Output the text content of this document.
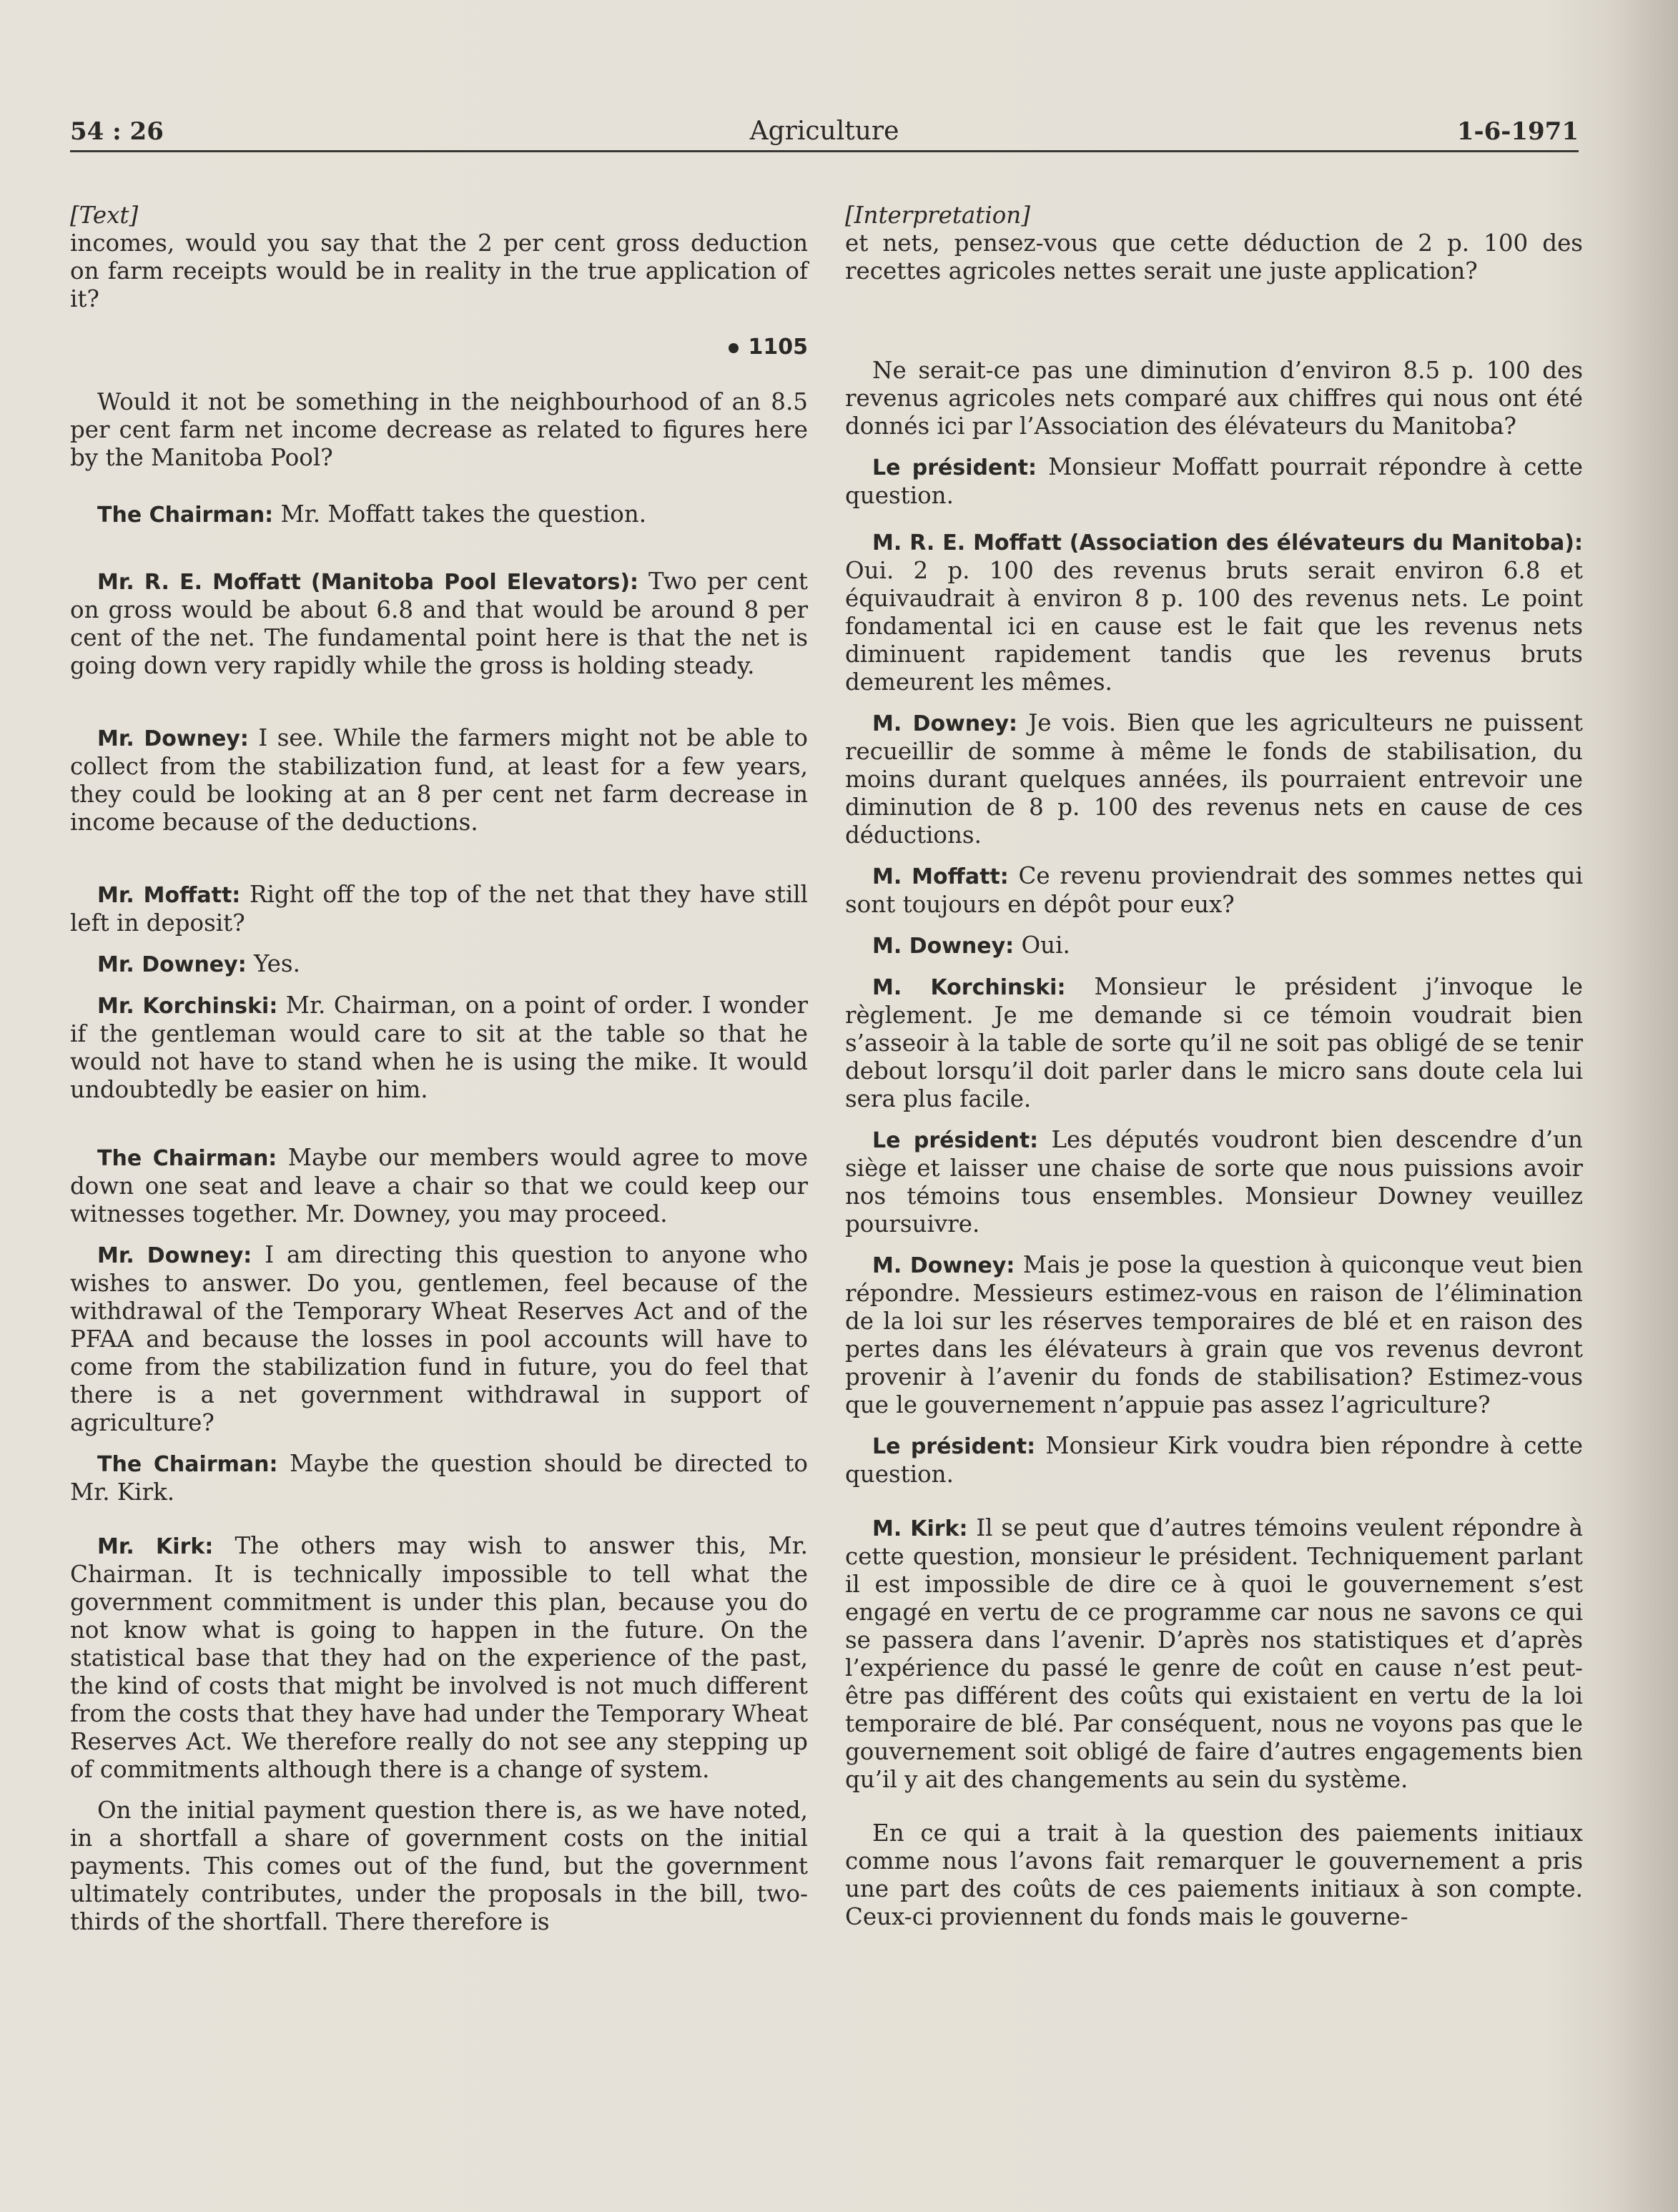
54 : 26	Agriculture	1-6-1971

[Text]

incomes, would you say that the 2 per cent gross deduction on farm receipts would be in reality in the true application of it?

1105

Would it not be something in the neighbourhood of an 8.5 per cent farm net income decrease as related to figures here by the Manitoba Pool?

The Chairman: Mr. Moffatt takes the question.

Mr. R. E. Moffatt (Manitoba Pool Elevators): Two per cent on gross would be about 6.8 and that would be around 8 per cent of the net. The fundamental point here is that the net is going down very rapidly while the gross is holding steady.

Mr. Downey: I see. While the farmers might not be able to collect from the stabilization fund, at least for a few years, they could be looking at an 8 per cent net farm decrease in income because of the deductions.

Mr. Moffatt: Right off the top of the net that they have still left in deposit?

Mr. Downey: Yes.

Mr. Korchinski: Mr. Chairman, on a point of order. I wonder if the gentleman would care to sit at the table so that he would not have to stand when he is using the mike. It would undoubtedly be easier on him.

The Chairman: Maybe our members would agree to move down one seat and leave a chair so that we could keep our witnesses together. Mr. Downey, you may proceed.

Mr. Downey: I am directing this question to anyone who wishes to answer. Do you, gentlemen, feel because of the withdrawal of the Temporary Wheat Reserves Act and of the PFAA and because the losses in pool accounts will have to come from the stabilization fund in future, you do feel that there is a net government withdrawal in support of agriculture?

The Chairman: Maybe the question should be directed to Mr. Kirk.

Mr. Kirk: The others may wish to answer this, Mr. Chairman. It is technically impossible to tell what the government commitment is under this plan, because you do not know what is going to happen in the future. On the statistical base that they had on the experience of the past, the kind of costs that might be involved is not much different from the costs that they have had under the Temporary Wheat Reserves Act. We therefore really do not see any stepping up of commitments although there is a change of system.

On the initial payment question there is, as we have noted, in a shortfall a share of government costs on the initial payments. This comes out of the fund, but the government ultimately contributes, under the proposals in the bill, two-thirds of the shortfall. There therefore is

[Interpretation]

et nets, pensez-vous que cette déduction de 2 p. 100 des recettes agricoles nettes serait une juste application?

Ne serait-ce pas une diminution d’environ 8.5 p. 100 des revenus agricoles nets comparé aux chiffres qui nous ont été donnés ici par l’Association des élévateurs du Manitoba?

Le président: Monsieur Moffatt pourrait répondre à cette question.

M. R. E. Moffatt (Association des élévateurs du Manitoba): Oui. 2 p. 100 des revenus bruts serait environ 6.8 et équivaudrait à environ 8 p. 100 des revenus nets. Le point fondamental ici en cause est le fait que les revenus nets diminuent rapidement tandis que les revenus bruts demeurent les mêmes.

M. Downey: Je vois. Bien que les agriculteurs ne puissent recueillir de somme à même le fonds de stabilisation, du moins durant quelques années, ils pourraient entrevoir une diminution de 8 p. 100 des revenus nets en cause de ces déductions.

M. Moffatt: Ce revenu proviendrait des sommes nettes qui sont toujours en dépôt pour eux?

M. Downey: Oui.

M. Korchinski: Monsieur le président j’invoque le règlement. Je me demande si ce témoin voudrait bien s’asseoir à la table de sorte qu’il ne soit pas obligé de se tenir debout lorsqu’il doit parler dans le micro sans doute cela lui sera plus facile.

Le président: Les députés voudront bien descendre d’un siège et laisser une chaise de sorte que nous puissions avoir nos témoins tous ensembles. Monsieur Downey veuillez poursuivre.

M. Downey: Mais je pose la question à quiconque veut bien répondre. Messieurs estimez-vous en raison de l’élimination de la loi sur les réserves temporaires de blé et en raison des pertes dans les élévateurs à grain que vos revenus devront provenir à l’avenir du fonds de stabilisation? Estimez-vous que le gouvernement n’appuie pas assez l’agriculture?

Le président: Monsieur Kirk voudra bien répondre à cette question.

M. Kirk: Il se peut que d’autres témoins veulent répondre à cette question, monsieur le président. Techniquement parlant il est impossible de dire ce à quoi le gouvernement s’est engagé en vertu de ce programme car nous ne savons ce qui se passera dans l’avenir. D’après nos statistiques et d’après l’expérience du passé le genre de coût en cause n’est peut-être pas différent des coûts qui existaient en vertu de la loi temporaire de blé. Par conséquent, nous ne voyons pas que le gouvernement soit obligé de faire d’autres engagements bien qu’il y ait des changements au sein du système.

En ce qui a trait à la question des paiements initiaux comme nous l’avons fait remarquer le gouvernement a pris une part des coûts de ces paiements initiaux à son compte. Ceux-ci proviennent du fonds mais le gouverne-
